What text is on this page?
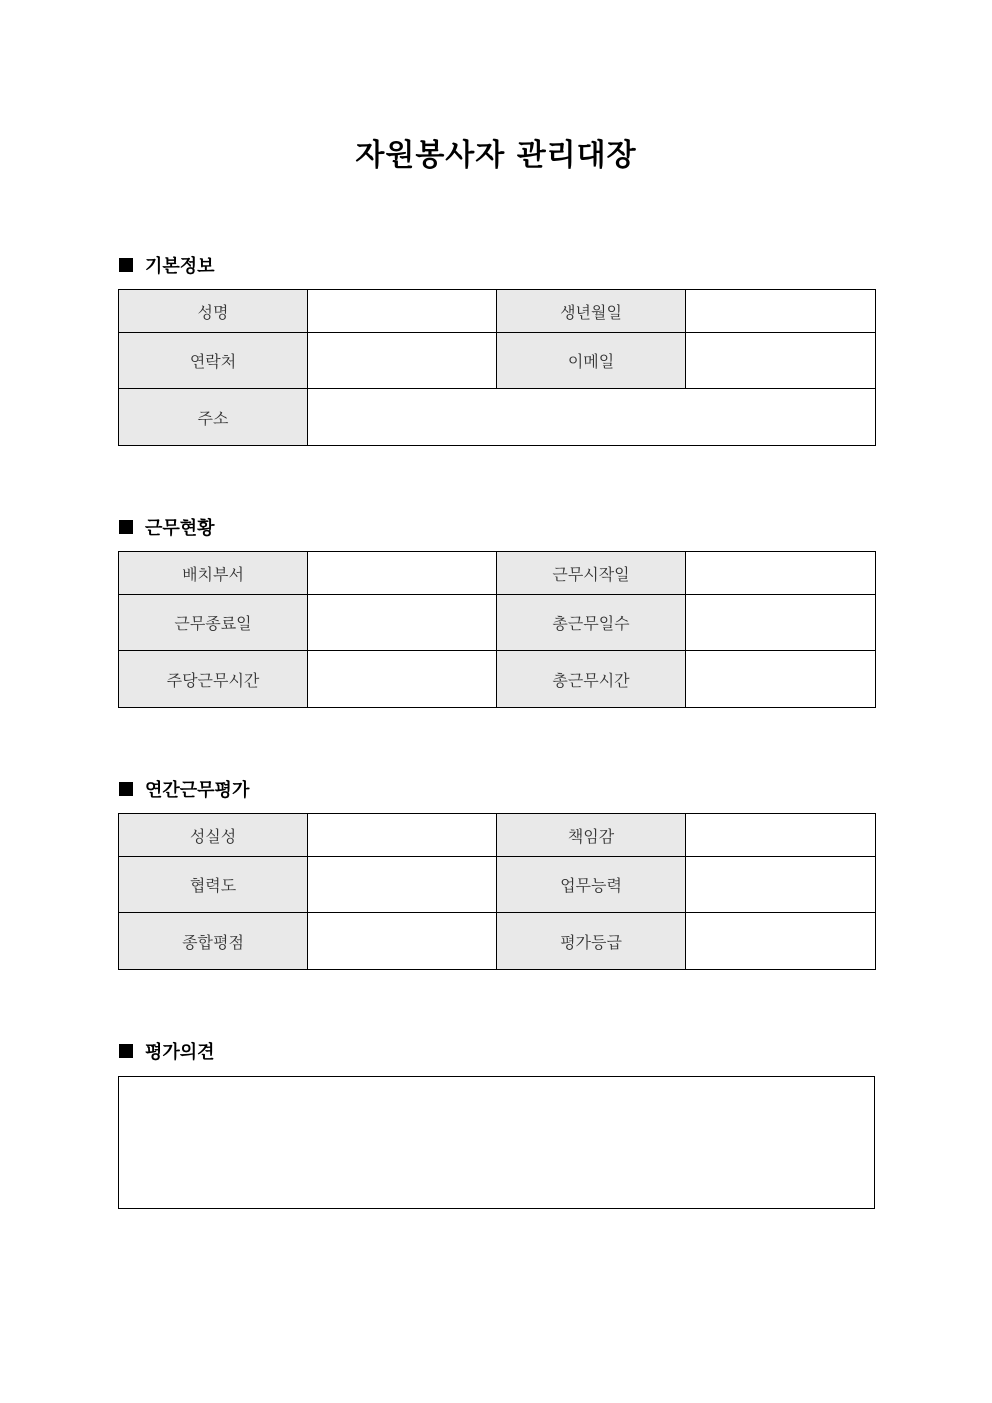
자원봉사자 관리대장
기본정보
성명		생년월일	
연락처		이메일	
주소			
근무현황
배치부서		근무시작일	
근무종료일		총근무일수	
주당근무시간		총근무시간	
연간근무평가
성실성		책임감	
협력도		업무능력	
종합평점		평가등급	
평가의견
